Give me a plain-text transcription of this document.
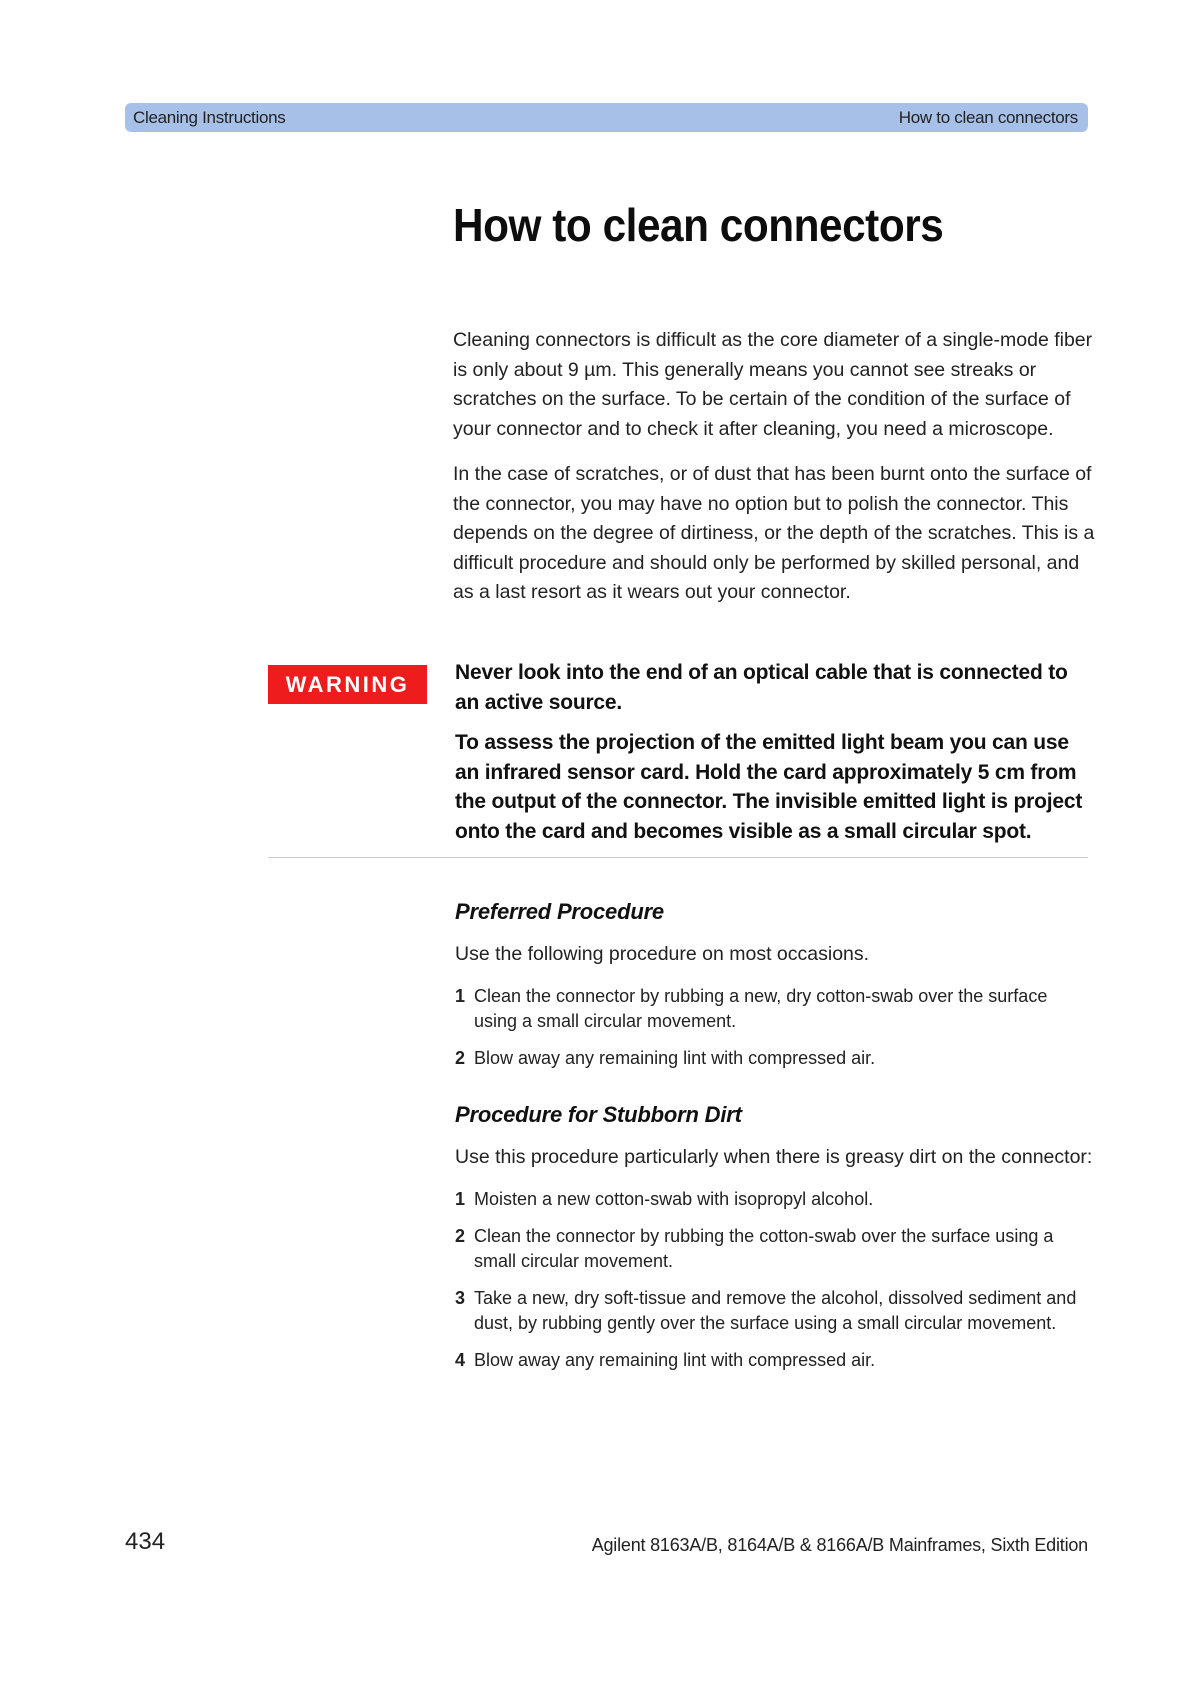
Cleaning Instructions	How to clean connectors
How to clean connectors

Cleaning connectors is difficult as the core diameter of a single-mode fiber is only about 9 µm. This generally means you cannot see streaks or scratches on the surface. To be certain of the condition of the surface of your connector and to check it after cleaning, you need a microscope.

In the case of scratches, or of dust that has been burnt onto the surface of the connector, you may have no option but to polish the connector. This depends on the degree of dirtiness, or the depth of the scratches. This is a difficult procedure and should only be performed by skilled personal, and as a last resort as it wears out your connector.

WARNING	Never look into the end of an optical cable that is connected to an active source.

To assess the projection of the emitted light beam you can use an infrared sensor card. Hold the card approximately 5 cm from the output of the connector. The invisible emitted light is project onto the card and becomes visible as a small circular spot.

Preferred Procedure

Use the following procedure on most occasions.

1 Clean the connector by rubbing a new, dry cotton-swab over the surface using a small circular movement.
2 Blow away any remaining lint with compressed air.
Procedure for Stubborn Dirt

Use this procedure particularly when there is greasy dirt on the connector:

1 Moisten a new cotton-swab with isopropyl alcohol.
2 Clean the connector by rubbing the cotton-swab over the surface using a small circular movement.
3 Take a new, dry soft-tissue and remove the alcohol, dissolved sediment and dust, by rubbing gently over the surface using a small circular movement.
4 Blow away any remaining lint with compressed air.
434	Agilent 8163A/B, 8164A/B & 8166A/B Mainframes, Sixth Edition
